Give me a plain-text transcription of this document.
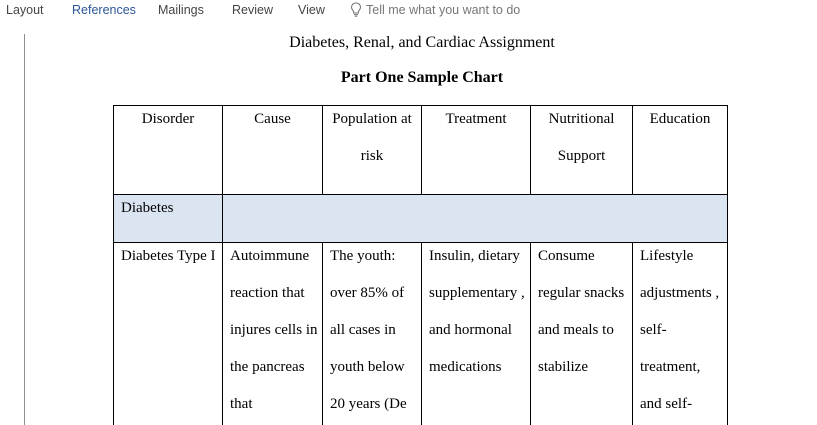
Layout References Mailings Review View	Tell me what you want to do
Diabetes, Renal, and Cardiac Assignment
Part One Sample Chart
Disorder	Cause	Population at risk	Treatment	Nutritional Support	Education

Diabetes					

Diabetes Type I	Autoimmune reaction that injures cells in the pancreas that	The youth: over 85% of all cases in youth below 20 years (De	Insulin, dietary supplementary , and hormonal medications	Consume regular snacks and meals to stabilize	Lifestyle adjustments , self-treatment, and self-
